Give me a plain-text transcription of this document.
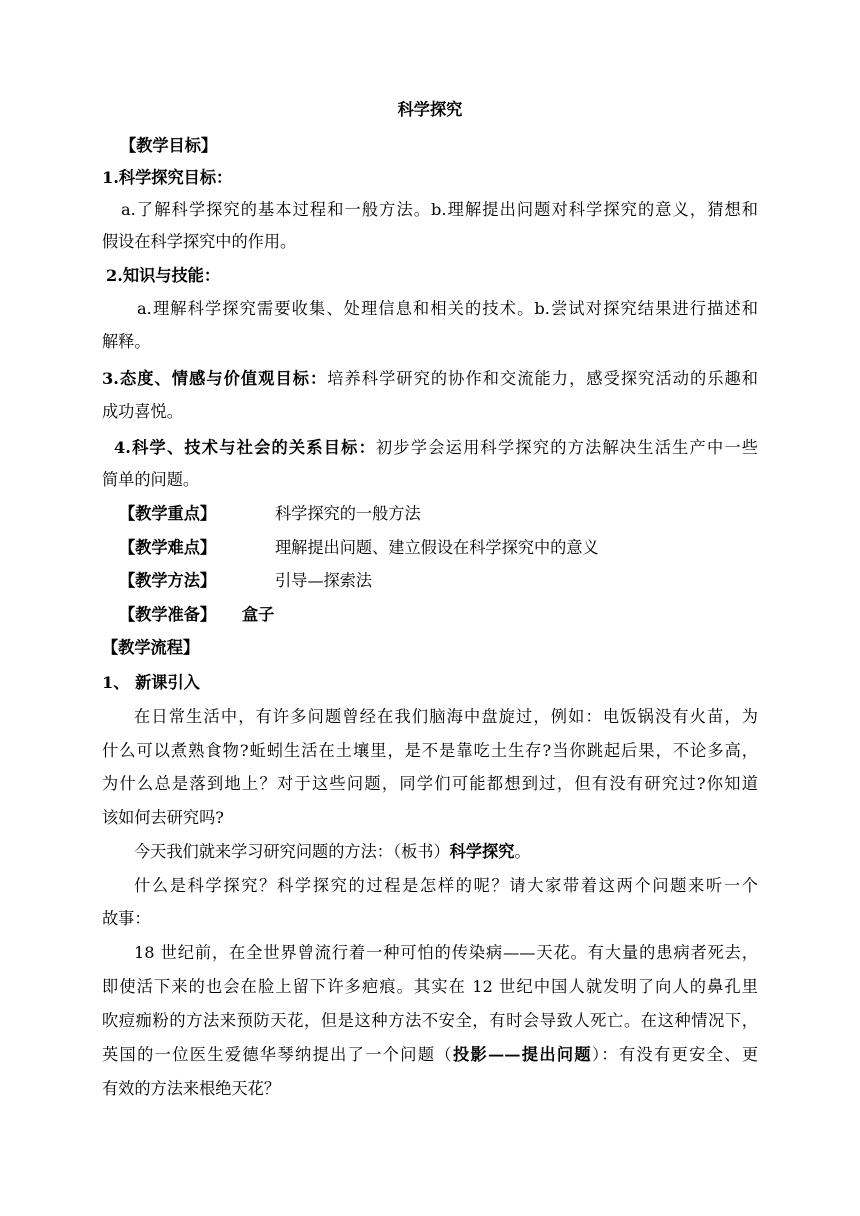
科学探究
【教学目标】
1.科学探究目标：
a.了解科学探究的基本过程和一般方法。b.理解提出问题对科学探究的意义，猜想和
假设在科学探究中的作用。
2.知识与技能：
a.理解科学探究需要收集、处理信息和相关的技术。b.尝试对探究结果进行描述和
解释。
3.态度、情感与价值观目标：培养科学研究的协作和交流能力，感受探究活动的乐趣和
成功喜悦。
4.科学、技术与社会的关系目标：初步学会运用科学探究的方法解决生活生产中一些
简单的问题。
【教学重点】	科学探究的一般方法
【教学难点】	理解提出问题、建立假设在科学探究中的意义
【教学方法】	引导—探索法
【教学准备】 盒子
【教学流程】
1、 新课引入
在日常生活中，有许多问题曾经在我们脑海中盘旋过，例如：电饭锅没有火苗，为
什么可以煮熟食物?蚯蚓生活在土壤里，是不是靠吃土生存?当你跳起后果，不论多高，
为什么总是落到地上？对于这些问题，同学们可能都想到过，但有没有研究过?你知道
该如何去研究吗?
今天我们就来学习研究问题的方法：（板书）科学探究。
什么是科学探究？科学探究的过程是怎样的呢？请大家带着这两个问题来听一个
故事：
18 世纪前，在全世界曾流行着一种可怕的传染病——天花。有大量的患病者死去，
即使活下来的也会在脸上留下许多疤痕。其实在 12 世纪中国人就发明了向人的鼻孔里
吹痘痂粉的方法来预防天花，但是这种方法不安全，有时会导致人死亡。在这种情况下，
英国的一位医生爱德华琴纳提出了一个问题（投影——提出问题）：有没有更安全、更
有效的方法来根绝天花？
